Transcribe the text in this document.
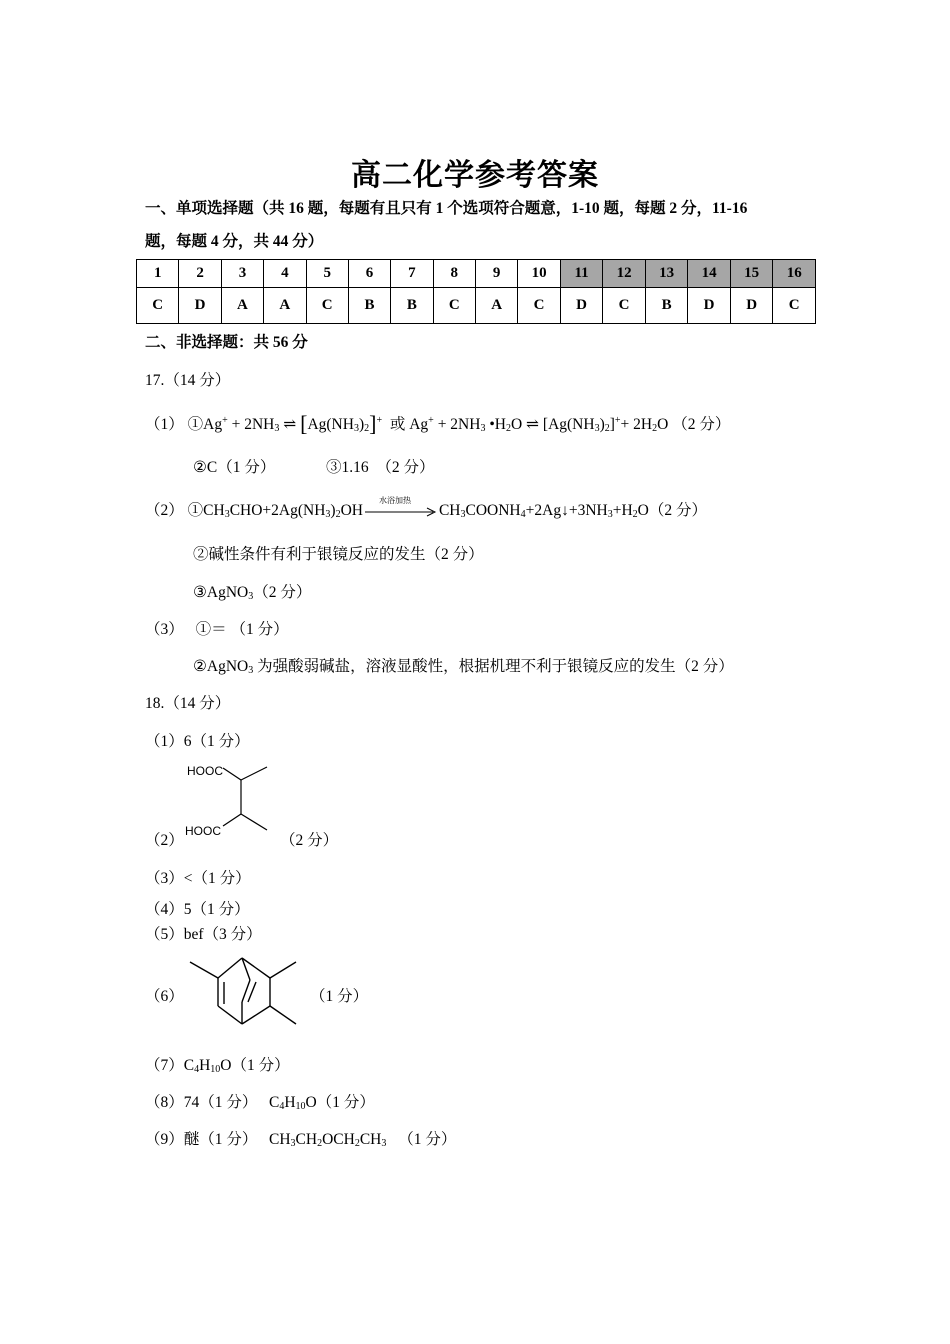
高二化学参考答案
一、单项选择题（共 16 题，每题有且只有 1 个选项符合题意，1-10 题，每题 2 分，11-16
题，每题 4 分，共 44 分）
1	2	3	4	5	6	7	8	9	10	11	12	13	14	15	16
C	D	A	A	C	B	B	C	A	C	D	C	B	D	D	C
二、非选择题：共 56 分
17.（14 分）
（1） ①Ag+ + $2NH_3$ ⇌ $[Ag(NH_3)_2]^+$ 或 $Ag^+ + 2NH_3$ $•H_2O$ ⇌ $[Ag(NH_3)_2]^++ 2H_2O$ （2 分）
②C（1 分）	③1.16　（2 分）
（2） $①CH_3CHO+2Ag(NH_3)_2OH$
水浴加热
$CH_3COONH_4+2Ag↓+3NH_3+H_2O(2$ 分）
②碱性条件有利于银镜反应的发生（2 分）
③AgNO$_3$（2 分）
（3） ①＝ （1 分）
②AgNO$_3$ 为强酸弱碱盐，溶液显酸性，根据机理不利于银镜反应的发生（2 分）
18.（14 分）
（1）6（1 分）
（2）
HOOC
HOOC
（2 分）
（3）<（1 分）
（4）5（1 分）
（5）bef（3 分）
（6）	（1 分）
$(7)C_4H_{10}O(1$ 分）
（8）74（1 分）　 $C_4H_{10}O(1$ 分）
（9）醚（1 分）　 $CH_3CH_2OCH_2CH_3$ （1 分）
